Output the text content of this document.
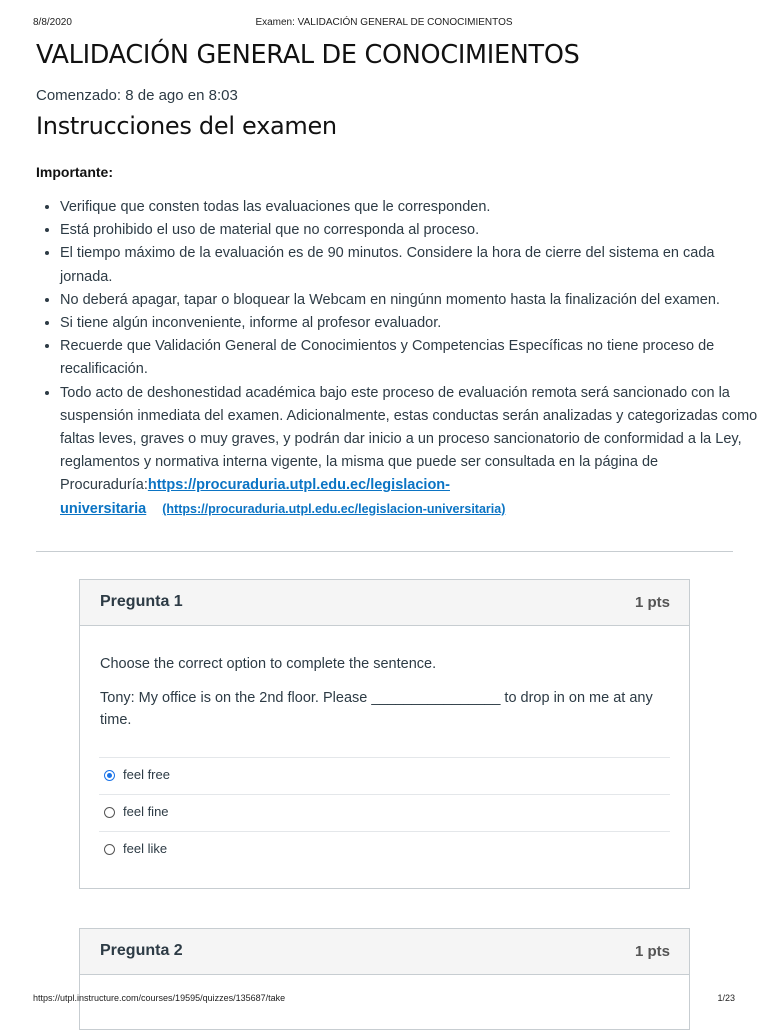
8/8/2020	Examen: VALIDACIÓN GENERAL DE CONOCIMIENTOS
VALIDACIÓN GENERAL DE CONOCIMIENTOS
Comenzado: 8 de ago en 8:03
Instrucciones del examen
Importante:
• Verifique que consten todas las evaluaciones que le corresponden.
• Está prohibido el uso de material que no corresponda al proceso.
• El tiempo máximo de la evaluación es de 90 minutos. Considere la hora de cierre del sistema en cada jornada.
• No deberá apagar, tapar o bloquear la Webcam en ningúnn momento hasta la finalización del examen.
• Si tiene algún inconveniente, informe al profesor evaluador.
• Recuerde que Validación General de Conocimientos y Competencias Específicas no tiene proceso de recalificación.
• Todo acto de deshonestidad académica bajo este proceso de evaluación remota será sancionado con la suspensión inmediata del examen. Adicionalmente, estas conductas serán analizadas y categorizadas como faltas leves, graves o muy graves, y podrán dar inicio a un proceso sancionatorio de conformidad a la Ley, reglamentos y normativa interna vigente, la misma que puede ser consultada en la página de Procuraduría:https://procuraduria.utpl.edu.ec/legislacion-universitaria (https://procuraduria.utpl.edu.ec/legislacion-universitaria)
Pregunta 1	1 pts

Choose the correct option to complete the sentence.

Tony: My office is on the 2nd floor. Please ________________ to drop in on me at any time.

feel free
feel fine
feel like
Pregunta 2	1 pts
https://utpl.instructure.com/courses/19595/quizzes/135687/take	1/23
